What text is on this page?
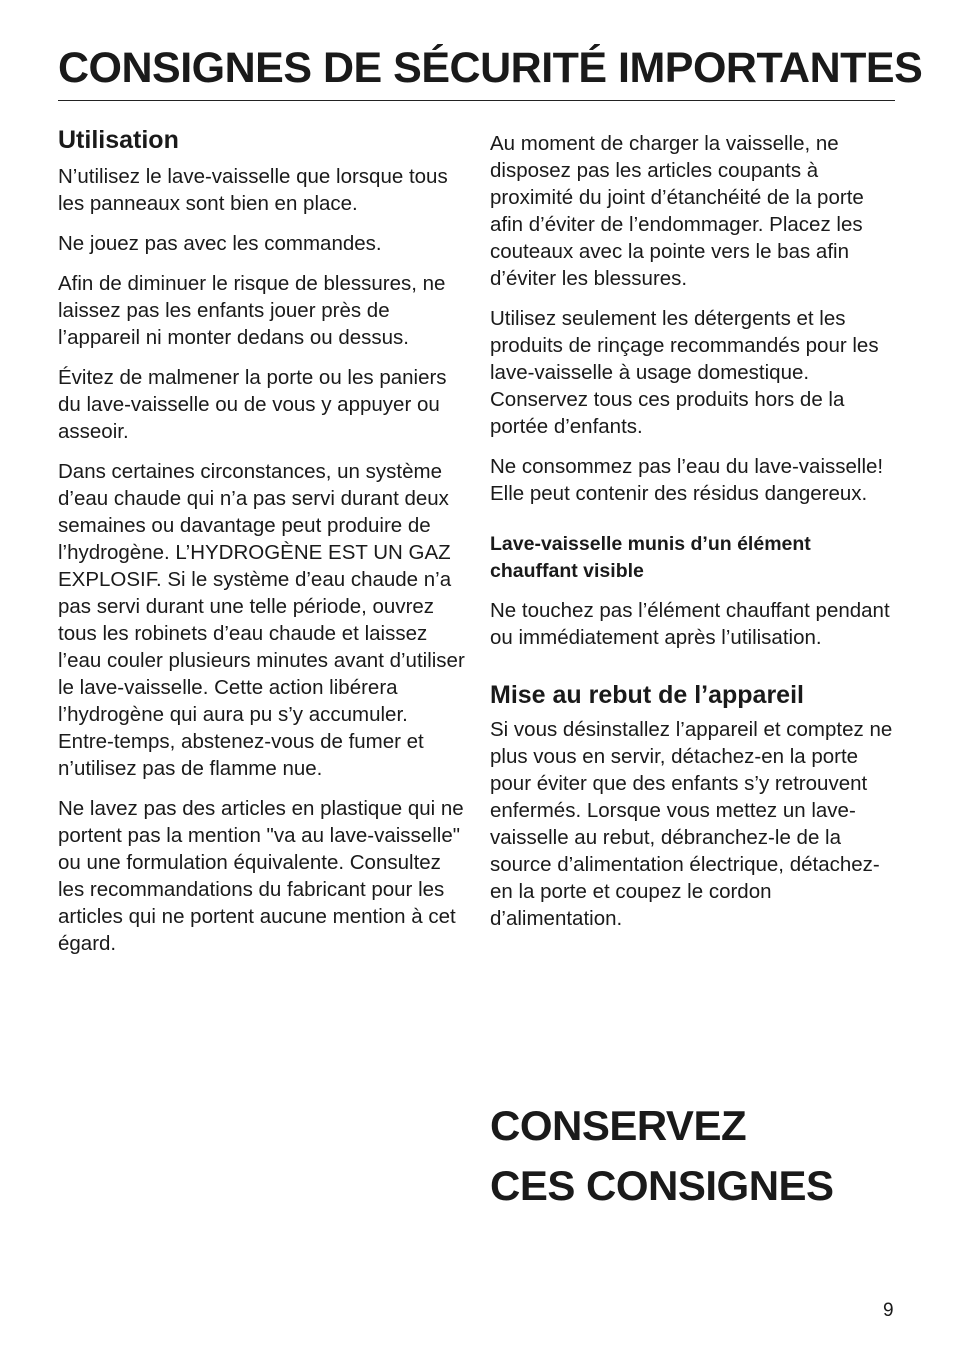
CONSIGNES DE SÉCURITÉ IMPORTANTES
Utilisation

N’utilisez le lave-vaisselle que lorsque tous les panneaux sont bien en place.

Ne jouez pas avec les commandes.

Afin de diminuer le risque de blessures, ne laissez pas les enfants jouer près de l’appareil ni monter dedans ou dessus.

Évitez de malmener la porte ou les paniers du lave-vaisselle ou de vous y appuyer ou asseoir.

Dans certaines circonstances, un système d’eau chaude qui n’a pas servi durant deux semaines ou davantage peut produire de l’hydrogène. L’HYDROGÈNE EST UN GAZ EXPLOSIF. Si le système d’eau chaude n’a pas servi durant une telle période, ouvrez tous les robinets d’eau chaude et laissez l’eau couler plusieurs minutes avant d’utiliser le lave-vaisselle. Cette action libérera l’hydrogène qui aura pu s’y accumuler. Entre-temps, abstenez-vous de fumer et n’utilisez pas de flamme nue.

Ne lavez pas des articles en plastique qui ne portent pas la mention "va au lave-vaisselle" ou une formulation équivalente. Consultez les recommandations du fabricant pour les articles qui ne portent aucune mention à cet égard.

Au moment de charger la vaisselle, ne disposez pas les articles coupants à proximité du joint d’étanchéité de la porte afin d’éviter de l’endommager. Placez les couteaux avec la pointe vers le bas afin d’éviter les blessures.

Utilisez seulement les détergents et les produits de rinçage recommandés pour les lave-vaisselle à usage domestique. Conservez tous ces produits hors de la portée d’enfants.

Ne consommez pas l’eau du lave-vaisselle! Elle peut contenir des résidus dangereux.

Lave-vaisselle munis d’un élément chauffant visible

Ne touchez pas l’élément chauffant pendant ou immédiatement après l’utilisation.

Mise au rebut de l’appareil

Si vous désinstallez l’appareil et comptez ne plus vous en servir, détachez-en la porte pour éviter que des enfants s’y retrouvent enfermés. Lorsque vous mettez un lave-vaisselle au rebut, débranchez-le de la source d’alimentation électrique, détachez-en la porte et coupez le cordon d’alimentation.

CONSERVEZ
CES CONSIGNES
9
